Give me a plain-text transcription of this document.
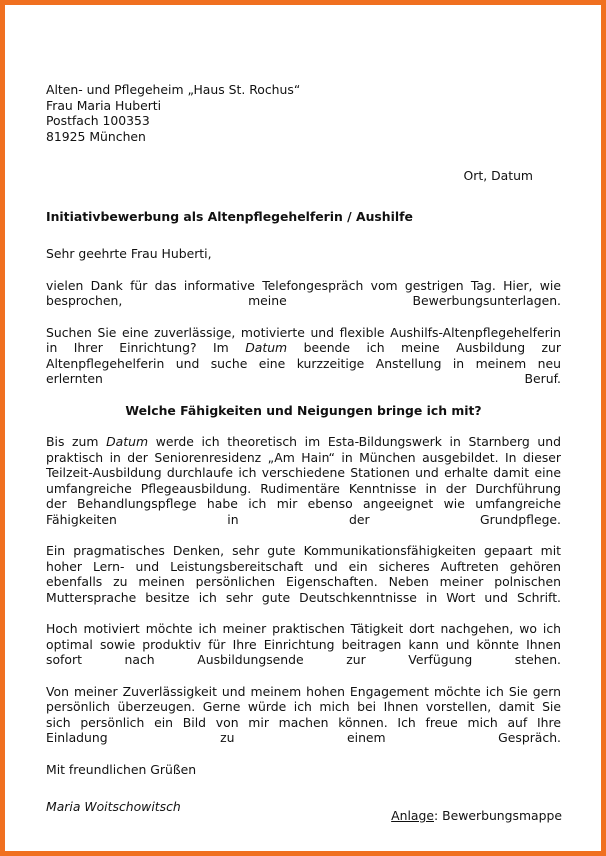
Alten- und Pflegeheim „Haus St. Rochus“
Frau Maria Huberti
Postfach 100353
81925 München
Ort, Datum
Initiativbewerbung als Altenpflegehelferin / Aushilfe
Sehr geehrte Frau Huberti,
vielen Dank für das informative Telefongespräch vom gestrigen Tag. Hier, wie
besprochen, meine Bewerbungsunterlagen.
Suchen Sie eine zuverlässige, motivierte und flexible Aushilfs-Altenpflegehelferin
in Ihrer Einrichtung? Im Datum beende ich meine Ausbildung zur
Altenpflegehelferin und suche eine kurzzeitige Anstellung in meinem neu
erlernten Beruf.
Welche Fähigkeiten und Neigungen bringe ich mit?
Bis zum Datum werde ich theoretisch im Esta-Bildungswerk in Starnberg und
praktisch in der Seniorenresidenz „Am Hain“ in München ausgebildet. In dieser
Teilzeit-Ausbildung durchlaufe ich verschiedene Stationen und erhalte damit eine
umfangreiche Pflegeausbildung. Rudimentäre Kenntnisse in der Durchführung
der Behandlungspflege habe ich mir ebenso angeeignet wie umfangreiche
Fähigkeiten in der Grundpflege.
Ein pragmatisches Denken, sehr gute Kommunikationsfähigkeiten gepaart mit
hoher Lern- und Leistungsbereitschaft und ein sicheres Auftreten gehören
ebenfalls zu meinen persönlichen Eigenschaften. Neben meiner polnischen
Muttersprache besitze ich sehr gute Deutschkenntnisse in Wort und Schrift.
Hoch motiviert möchte ich meiner praktischen Tätigkeit dort nachgehen, wo ich
optimal sowie produktiv für Ihre Einrichtung beitragen kann und könnte Ihnen
sofort nach Ausbildungsende zur Verfügung stehen.
Von meiner Zuverlässigkeit und meinem hohen Engagement möchte ich Sie gern
persönlich überzeugen. Gerne würde ich mich bei Ihnen vorstellen, damit Sie
sich persönlich ein Bild von mir machen können. Ich freue mich auf Ihre
Einladung zu einem Gespräch.
Mit freundlichen Grüßen
Maria Woitschowitsch
Anlage: Bewerbungsmappe
